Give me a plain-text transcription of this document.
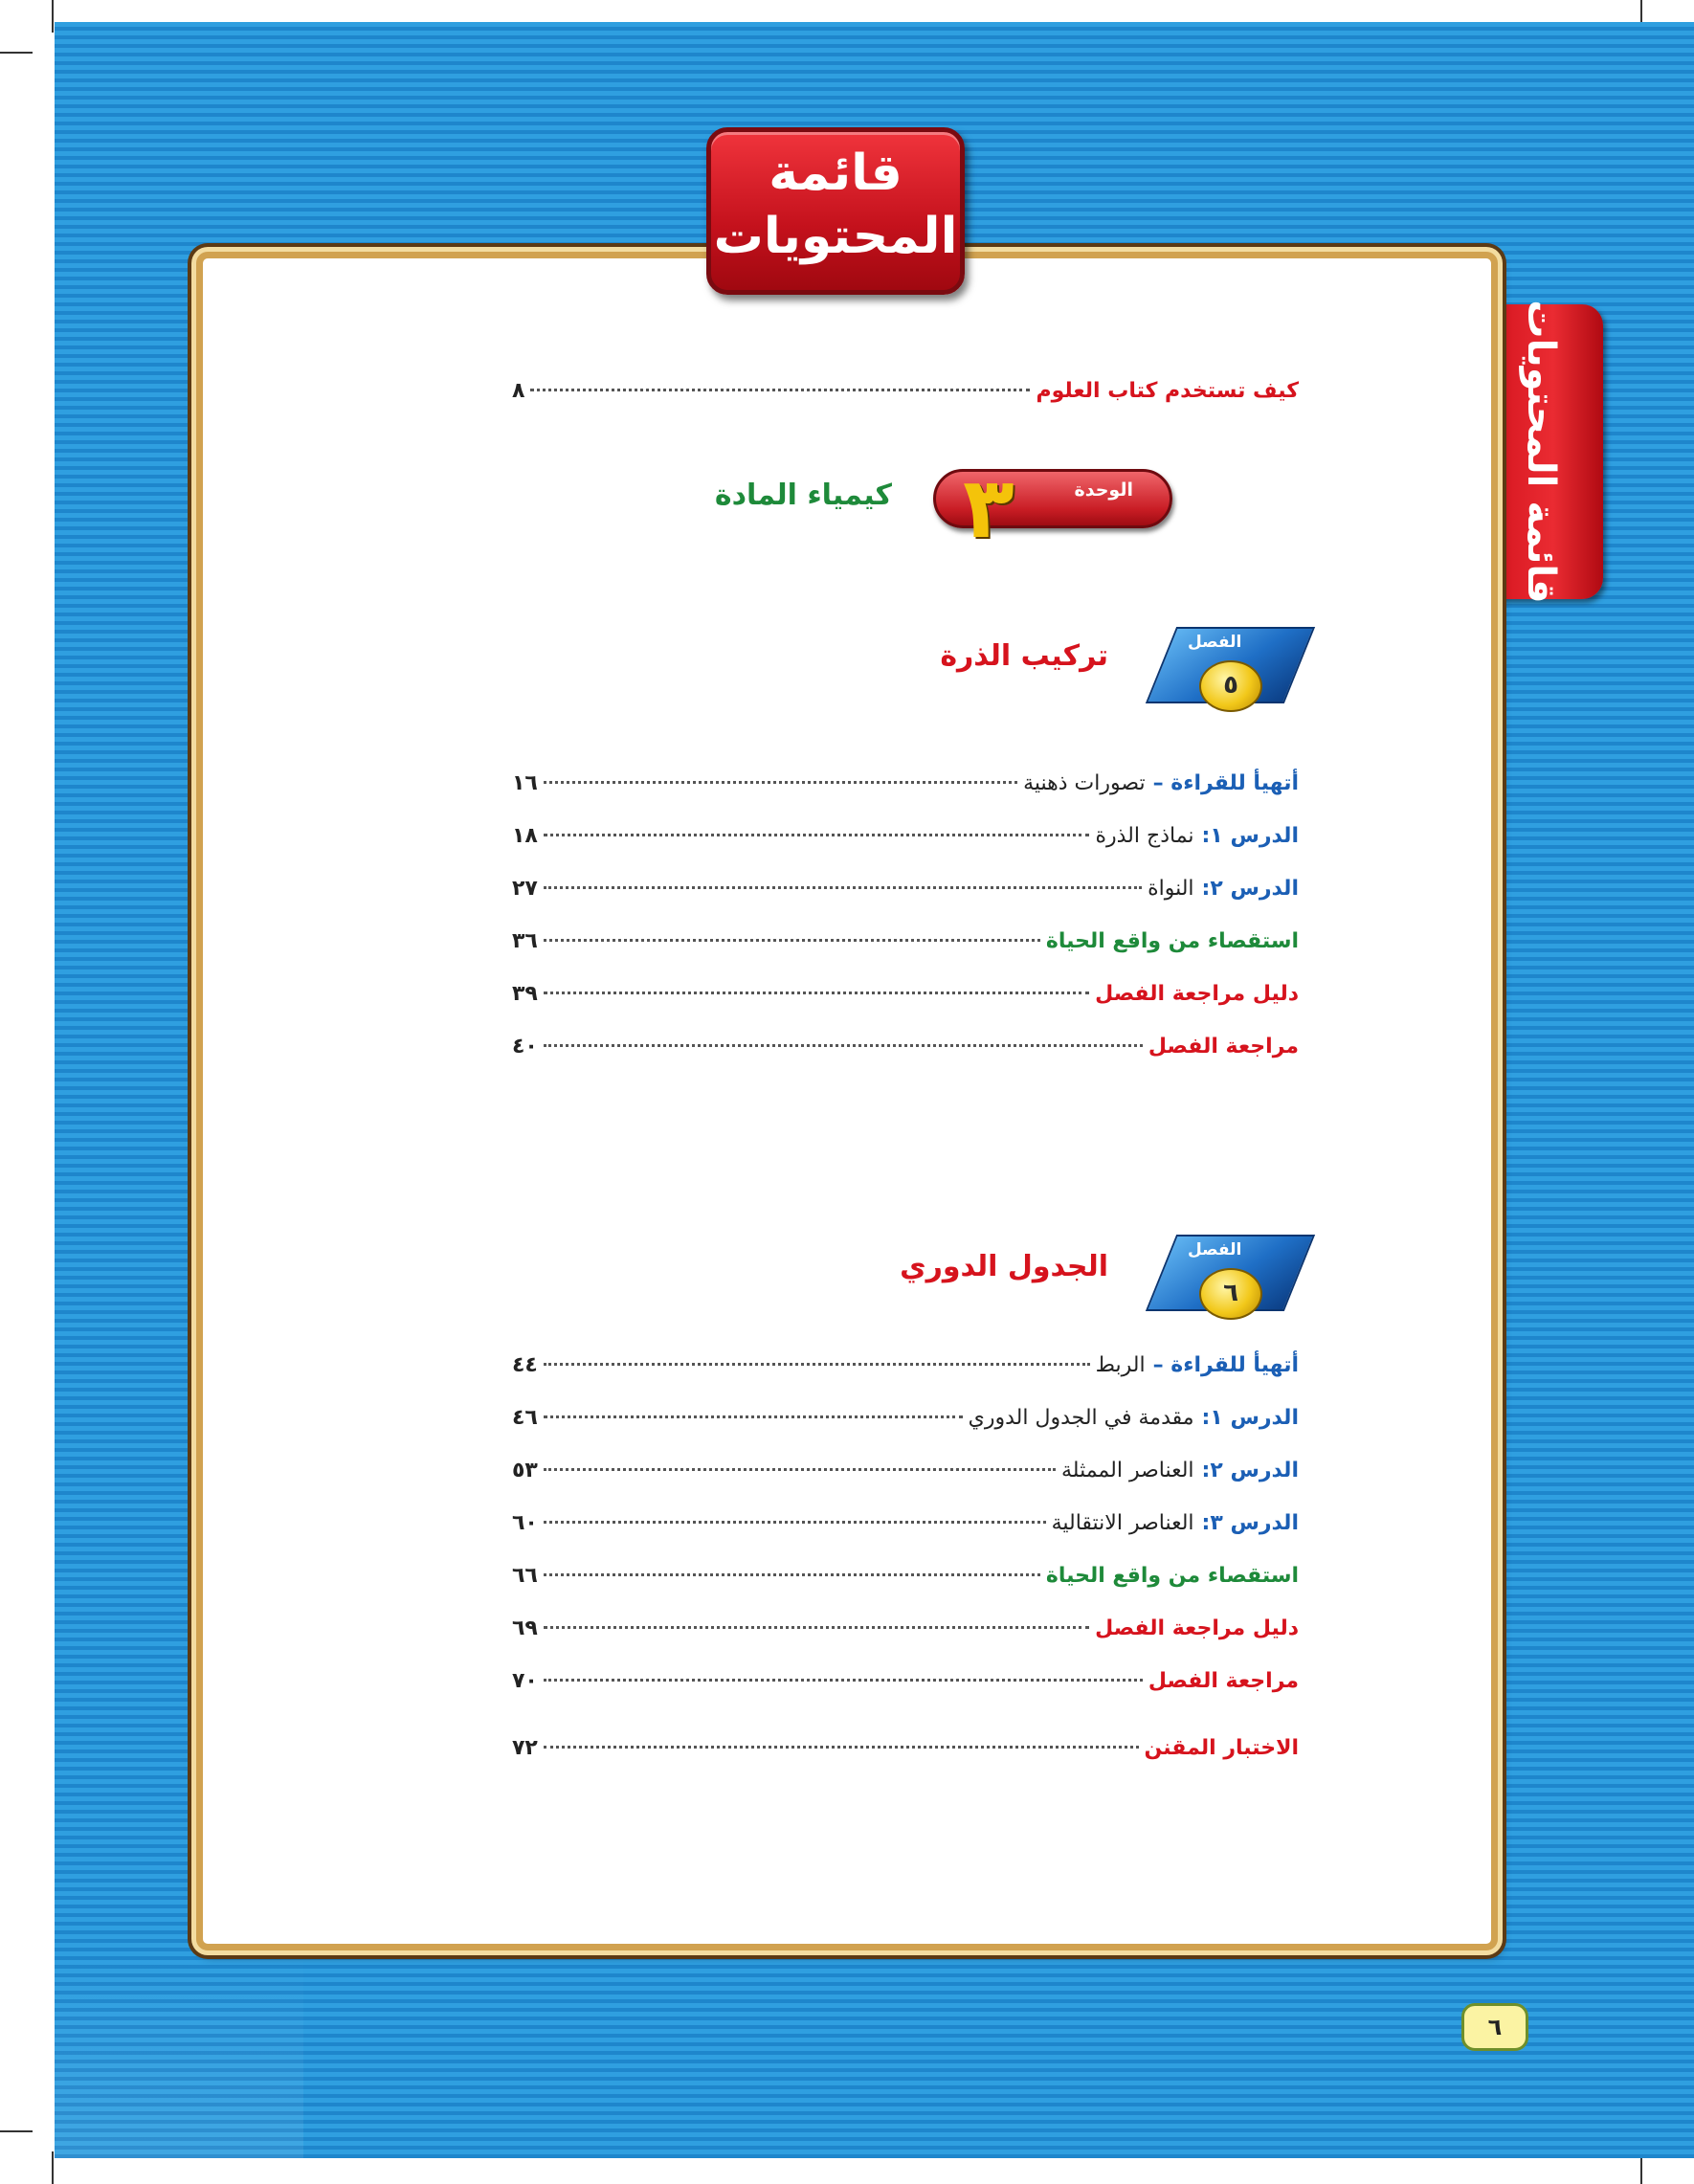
قائمة المحتويات
قائمة
المحتويات
كيف تستخدم كتاب العلوم
٨
الوحدة
٣
كيمياء المادة
الفصل
٥
تركيب الذرة
أتهيأ للقراءة –
تصورات ذهنية
١٦
الدرس ١:
نماذج الذرة
١٨
الدرس ٢:
النواة
٢٧
استقصاء من واقع الحياة
٣٦
دليل مراجعة الفصل
٣٩
مراجعة الفصل
٤٠
الفصل
٦
الجدول الدوري
أتهيأ للقراءة –
الربط
٤٤
الدرس ١:
مقدمة في الجدول الدوري
٤٦
الدرس ٢:
العناصر الممثلة
٥٣
الدرس ٣:
العناصر الانتقالية
٦٠
استقصاء من واقع الحياة
٦٦
دليل مراجعة الفصل
٦٩
مراجعة الفصل
٧٠
الاختبار المقنن
٧٢
٦
